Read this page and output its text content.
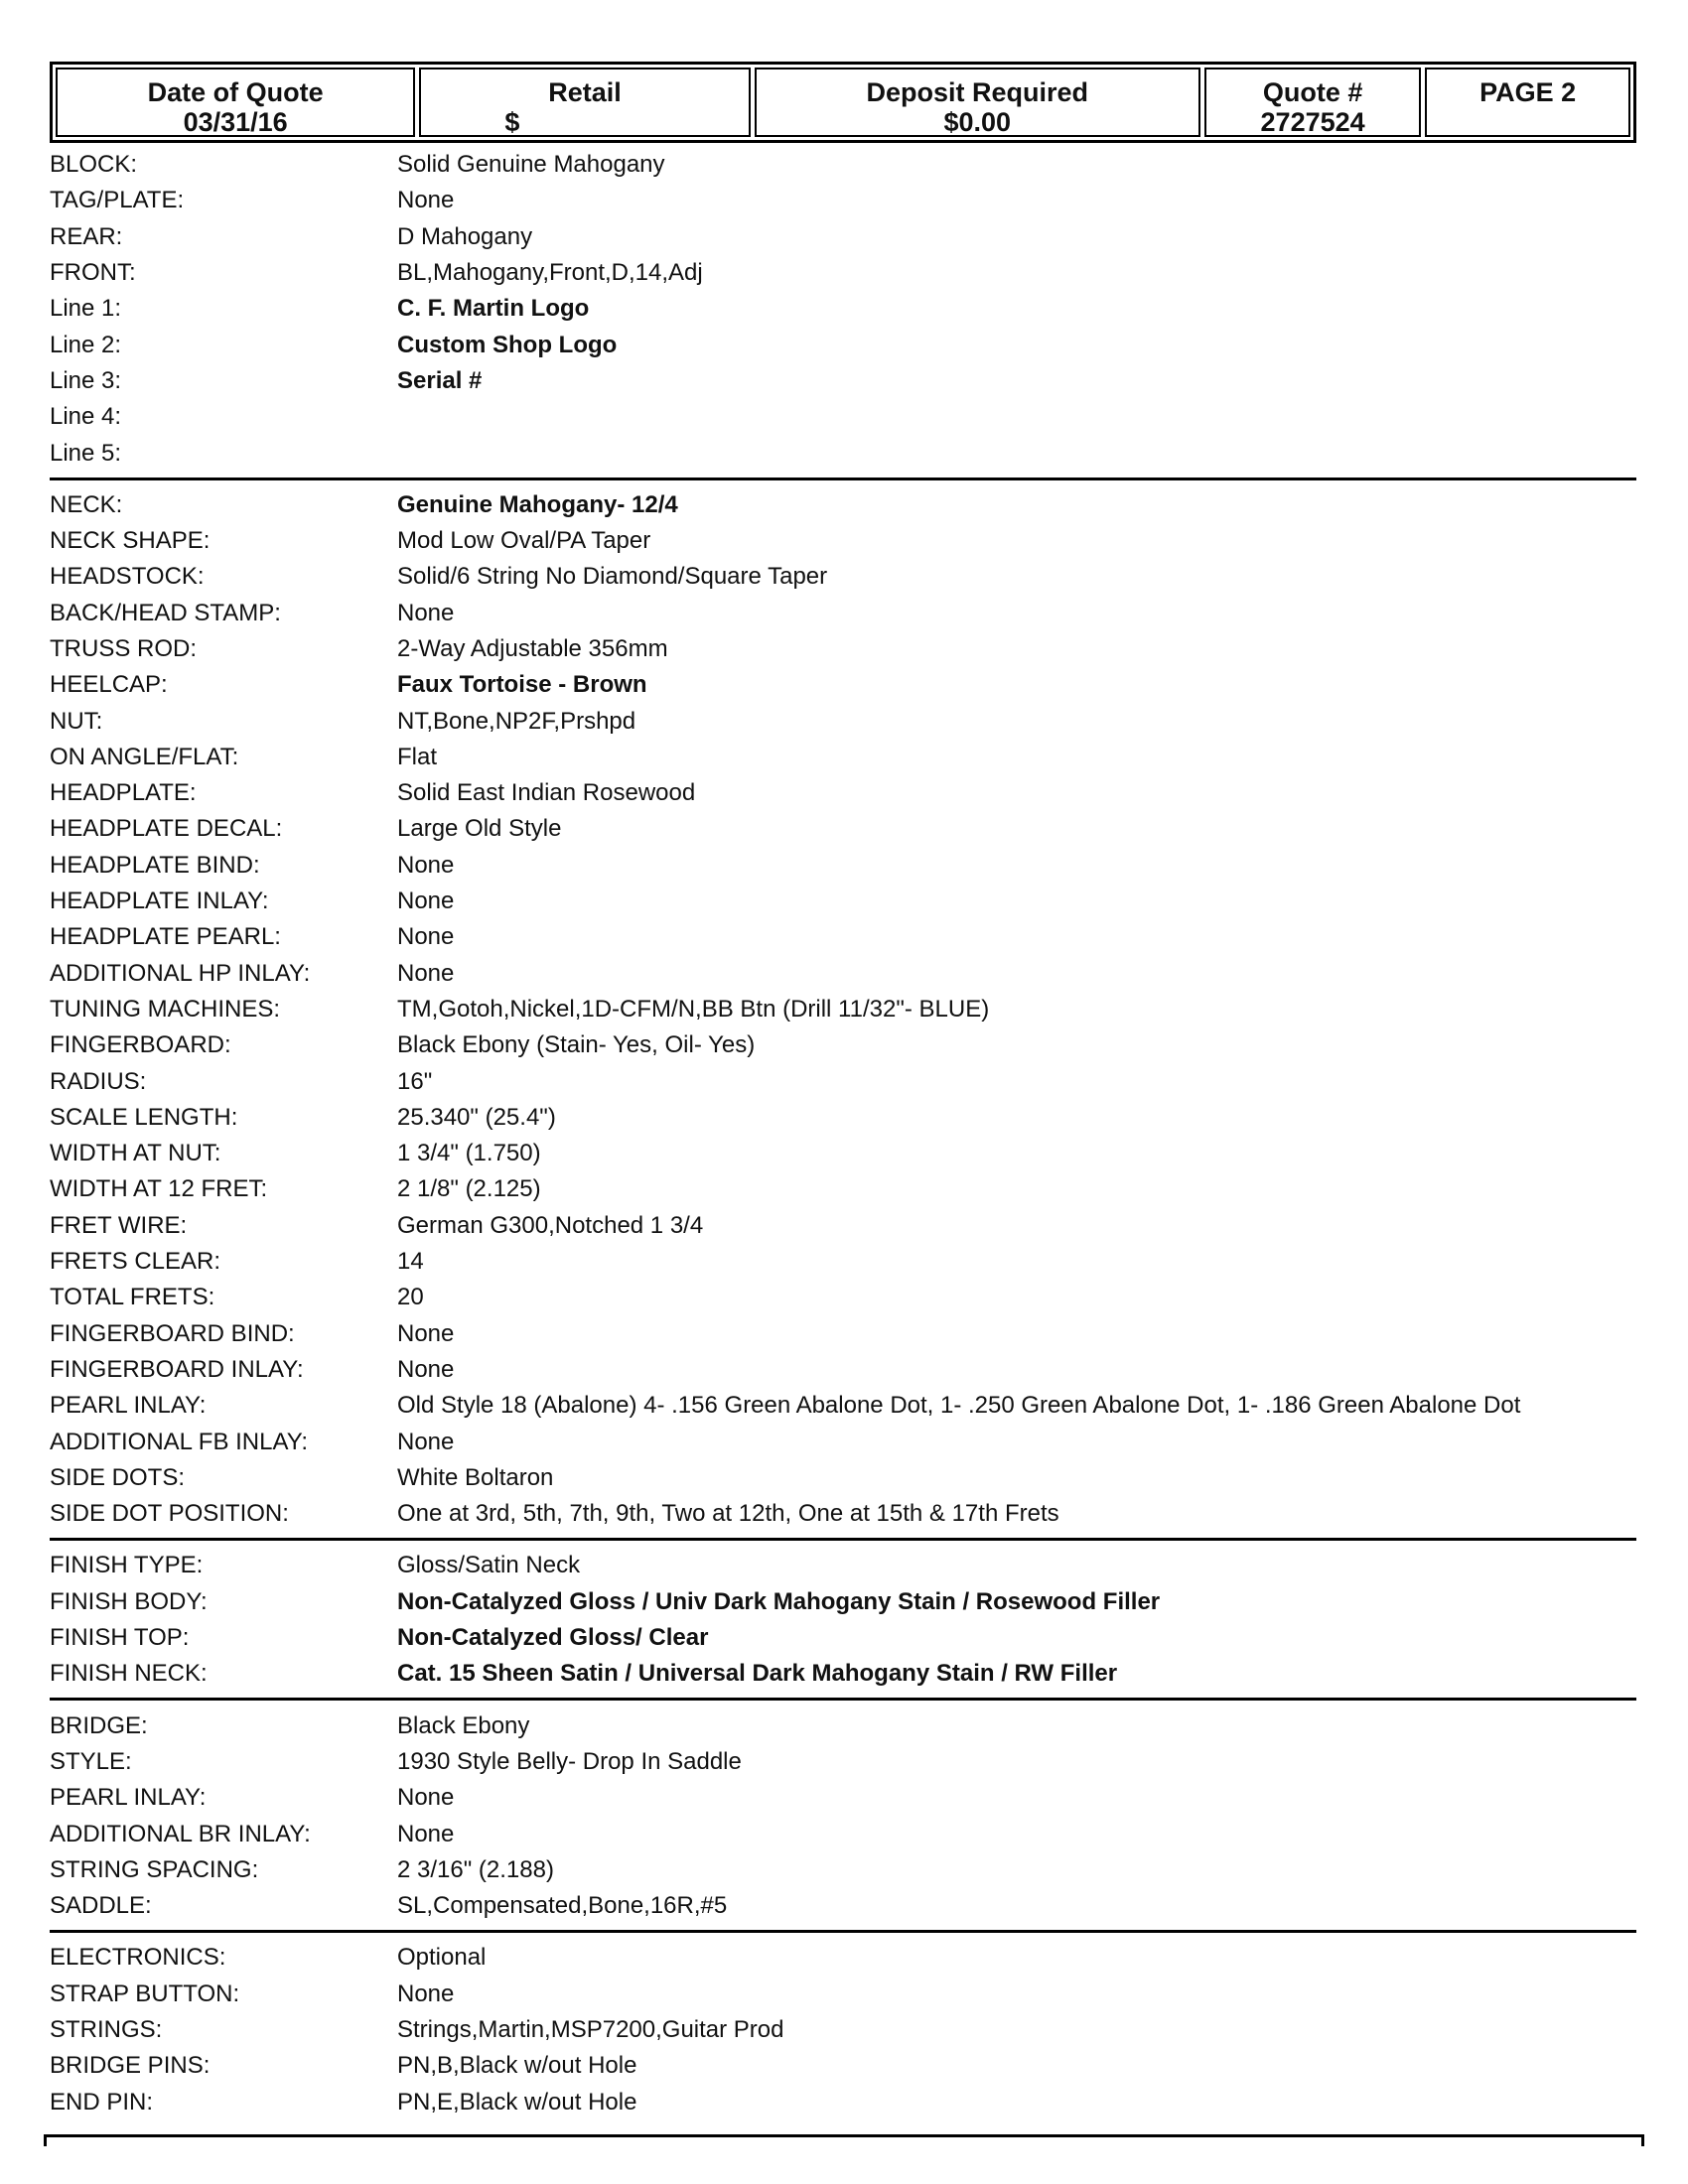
Date of Quote
03/31/16
Retail
$
Deposit Required
$0.00
Quote #
2727524
PAGE 2
BLOCK:	Solid Genuine Mahogany
TAG/PLATE:	None
REAR:	D Mahogany
FRONT:	BL,Mahogany,Front,D,14,Adj
Line 1:	C. F. Martin Logo
Line 2:	Custom Shop Logo
Line 3:	Serial #
Line 4:
Line 5:
NECK:	Genuine Mahogany- 12/4
NECK SHAPE:	Mod Low Oval/PA Taper
HEADSTOCK:	Solid/6 String No Diamond/Square Taper
BACK/HEAD STAMP:	None
TRUSS ROD:	2-Way Adjustable 356mm
HEELCAP:	Faux Tortoise - Brown
NUT:	NT,Bone,NP2F,Prshpd
ON ANGLE/FLAT:	Flat
HEADPLATE:	Solid East Indian Rosewood
HEADPLATE DECAL:	Large Old Style
HEADPLATE BIND:	None
HEADPLATE INLAY:	None
HEADPLATE PEARL:	None
ADDITIONAL HP INLAY:	None
TUNING MACHINES:	TM,Gotoh,Nickel,1D-CFM/N,BB Btn (Drill 11/32"- BLUE)
FINGERBOARD:	Black Ebony (Stain- Yes, Oil- Yes)
RADIUS:	16"
SCALE LENGTH:	25.340" (25.4")
WIDTH AT NUT:	1 3/4" (1.750)
WIDTH AT 12 FRET:	2 1/8" (2.125)
FRET WIRE:	German G300,Notched 1 3/4
FRETS CLEAR:	14
TOTAL FRETS:	20
FINGERBOARD BIND:	None
FINGERBOARD INLAY:	None
PEARL INLAY:	Old Style 18 (Abalone) 4- .156 Green Abalone Dot, 1- .250 Green Abalone Dot, 1- .186 Green Abalone Dot
ADDITIONAL FB INLAY:	None
SIDE DOTS:	White Boltaron
SIDE DOT POSITION:	One at 3rd, 5th, 7th, 9th, Two at 12th, One at 15th & 17th Frets
FINISH TYPE:	Gloss/Satin Neck
FINISH BODY:	Non-Catalyzed Gloss / Univ Dark Mahogany Stain / Rosewood Filler
FINISH TOP:	Non-Catalyzed Gloss/ Clear
FINISH NECK:	Cat. 15 Sheen Satin / Universal Dark Mahogany Stain / RW Filler
BRIDGE:	Black Ebony
STYLE:	1930 Style Belly- Drop In Saddle
PEARL INLAY:	None
ADDITIONAL BR INLAY:	None
STRING SPACING:	2 3/16" (2.188)
SADDLE:	SL,Compensated,Bone,16R,#5
ELECTRONICS:	Optional
STRAP BUTTON:	None
STRINGS:	Strings,Martin,MSP7200,Guitar Prod
BRIDGE PINS:	PN,B,Black w/out Hole
END PIN:	PN,E,Black w/out Hole
